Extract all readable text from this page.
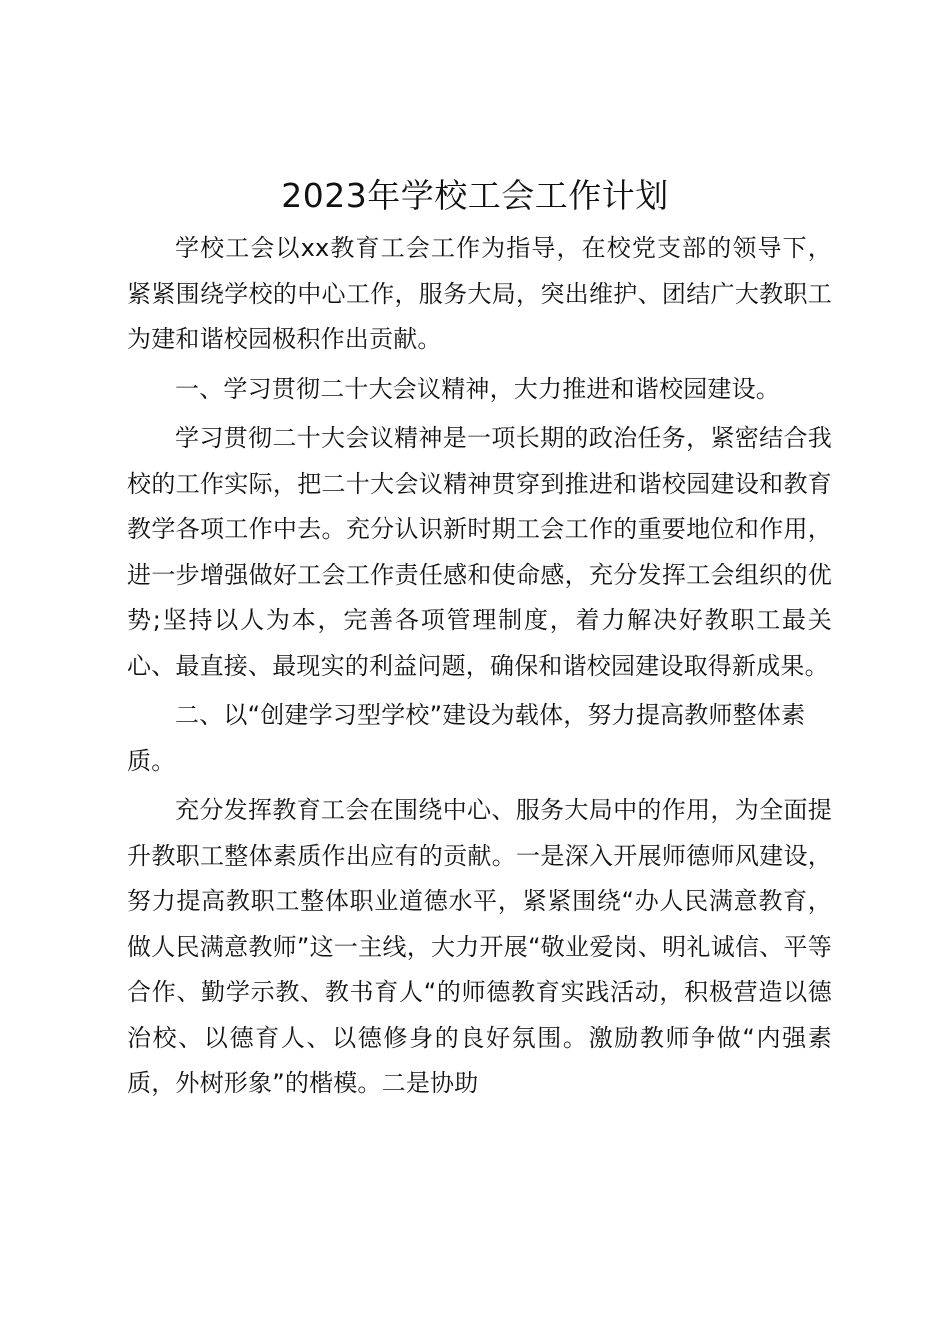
2023年学校工会工作计划

学校工会以xx教育工会工作为指导，在校党支部的领导下，紧紧围绕学校的中心工作，服务大局，突出维护、团结广大教职工为建和谐校园极积作出贡献。

一、学习贯彻二十大会议精神，大力推进和谐校园建设。

学习贯彻二十大会议精神是一项长期的政治任务，紧密结合我校的工作实际，把二十大会议精神贯穿到推进和谐校园建设和教育教学各项工作中去。充分认识新时期工会工作的重要地位和作用，进一步增强做好工会工作责任感和使命感，充分发挥工会组织的优势;坚持以人为本，完善各项管理制度，着力解决好教职工最关心、最直接、最现实的利益问题，确保和谐校园建设取得新成果。

二、以“创建学习型学校”建设为载体，努力提高教师整体素质。

充分发挥教育工会在围绕中心、服务大局中的作用，为全面提升教职工整体素质作出应有的贡献。一是深入开展师德师风建设，努力提高教职工整体职业道德水平，紧紧围绕“办人民满意教育，做人民满意教师”这一主线，大力开展“敬业爱岗、明礼诚信、平等合作、勤学示教、教书育人“的师德教育实践活动，积极营造以德治校、以德育人、以德修身的良好氛围。激励教师争做“内强素质，外树形象”的楷模。二是协助
